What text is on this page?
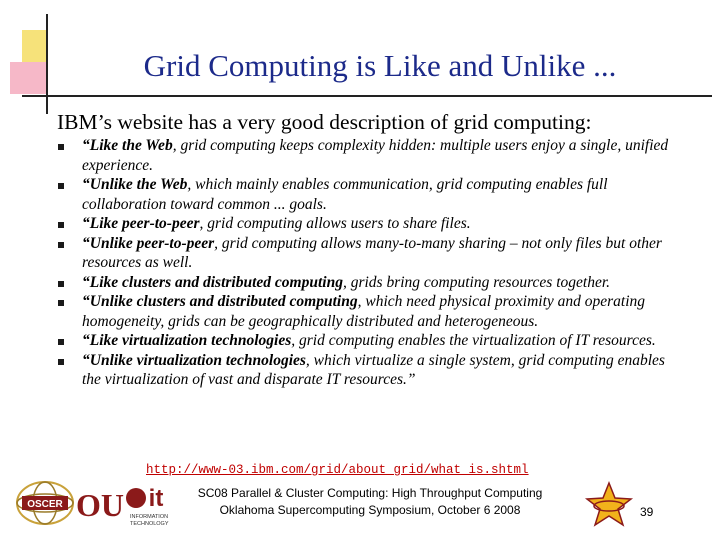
Grid Computing is Like and Unlike ...
IBM’s website has a very good description of grid computing:
“Like the Web, grid computing keeps complexity hidden: multiple users enjoy a single, unified experience.
“Unlike the Web, which mainly enables communication, grid computing enables full collaboration toward common ... goals.
“Like peer-to-peer, grid computing allows users to share files.
“Unlike peer-to-peer, grid computing allows many-to-many sharing – not only files but other resources as well.
“Like clusters and distributed computing, grids bring computing resources together.
“Unlike clusters and distributed computing, which need physical proximity and operating homogeneity, grids can be geographically distributed and heterogeneous.
“Like virtualization technologies, grid computing enables the virtualization of IT resources.
“Unlike virtualization technologies, which virtualize a single system, grid computing enables the virtualization of vast and disparate IT resources.”
http://www-03.ibm.com/grid/about_grid/what_is.shtml
OSCER OU it
INFORMATION
TECHNOLOGY
SC08 Parallel & Cluster Computing: High Throughput Computing
Oklahoma Supercomputing Symposium, October 6 2008	39
